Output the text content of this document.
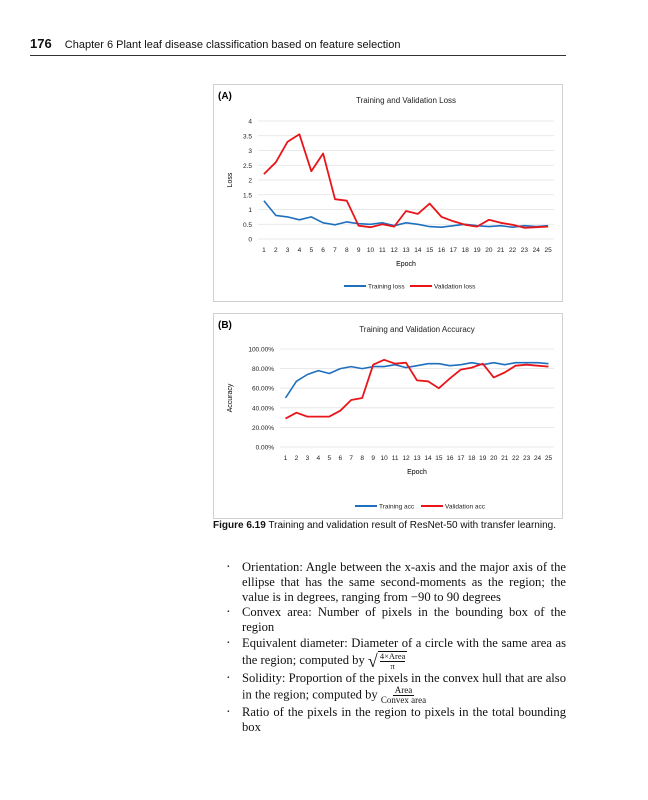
176 Chapter 6 Plant leaf disease classification based on feature selection
(A)	Training and Validation Loss
0
0.5
1
1.5
2
2.5
3
3.5
4
1 2 3 4 5 6 7 8 9 10 11 12 13 14 15 16 17 18 19 20 21 22 23 24 25
Epoch
Loss
Training loss	Validation loss
(B)	Training and Validation Accuracy
0.00%
20.00%
40.00%
60.00%
80.00%
100.00%
1 2 3 4 5 6 7 8 9 10 11 12 13 14 15 16 17 18 19 20 21 22 23 24 25
Epoch
Accuracy
Training acc	Validation acc
Figure 6.19 Training and validation result of ResNet-50 with transfer learning.
· Orientation: Angle between the x-axis and the major axis of the ellipse that has the same second-moments as the region; the value is in degrees, ranging from −90 to 90 degrees
· Convex area: Number of pixels in the bounding box of the region
· Equivalent diameter: Diameter of a circle with the same area as the region; computed by √ 4×Area
π
· Solidity: Proportion of the pixels in the convex hull that are also in the region; computed by $\frac{\text{Area}}{\text{Convex area}}$
· Ratio of the pixels in the region to pixels in the total bounding box
